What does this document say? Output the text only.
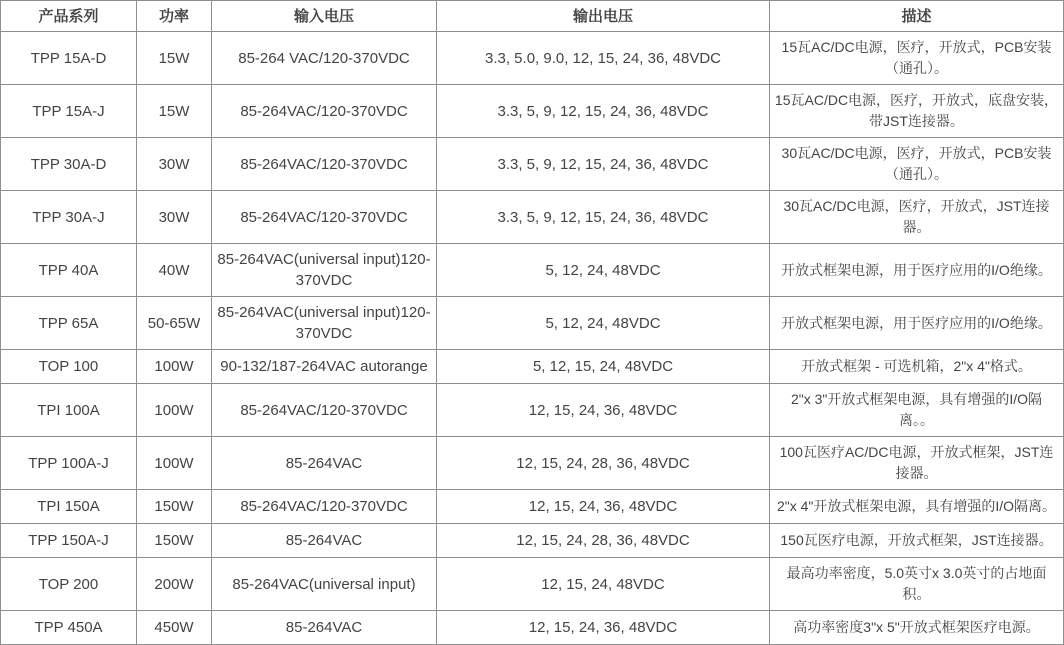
产品系列	功率	输入电压	输出电压	描述
TPP 15A-D	15W	85-264 VAC/120-370VDC	3.3, 5.0, 9.0, 12, 15, 24, 36, 48VDC	15瓦AC/DC电源，医疗，开放式，PCB安装（通孔）。
TPP 15A-J	15W	85-264VAC/120-370VDC	3.3, 5, 9, 12, 15, 24, 36, 48VDC	15瓦AC/DC电源，医疗，开放式，底盘安装，带JST连接器。
TPP 30A-D	30W	85-264VAC/120-370VDC	3.3, 5, 9, 12, 15, 24, 36, 48VDC	30瓦AC/DC电源，医疗，开放式，PCB安装（通孔）。
TPP 30A-J	30W	85-264VAC/120-370VDC	3.3, 5, 9, 12, 15, 24, 36, 48VDC	30瓦AC/DC电源，医疗，开放式，JST连接器。
TPP 40A	40W	85-264VAC(universal input)120-370VDC	5, 12, 24, 48VDC	开放式框架电源，用于医疗应用的I/O绝缘。
TPP 65A	50-65W	85-264VAC(universal input)120-370VDC	5, 12, 24, 48VDC	开放式框架电源，用于医疗应用的I/O绝缘。
TOP 100	100W	90-132/187-264VAC autorange	5, 12, 15, 24, 48VDC	开放式框架 - 可选机箱，2"x 4"格式。
TPI 100A	100W	85-264VAC/120-370VDC	12, 15, 24, 36, 48VDC	2"x 3"开放式框架电源，具有增强的I/O隔离。。
TPP 100A-J	100W	85-264VAC	12, 15, 24, 28, 36, 48VDC	100瓦医疗AC/DC电源，开放式框架，JST连接器。
TPI 150A	150W	85-264VAC/120-370VDC	12, 15, 24, 36, 48VDC	2"x 4"开放式框架电源，具有增强的I/O隔离。
TPP 150A-J	150W	85-264VAC	12, 15, 24, 28, 36, 48VDC	150瓦医疗电源，开放式框架，JST连接器。
TOP 200	200W	85-264VAC(universal input)	12, 15, 24, 48VDC	最高功率密度，5.0英寸x 3.0英寸的占地面积。
TPP 450A	450W	85-264VAC	12, 15, 24, 36, 48VDC	高功率密度3"x 5"开放式框架医疗电源。
